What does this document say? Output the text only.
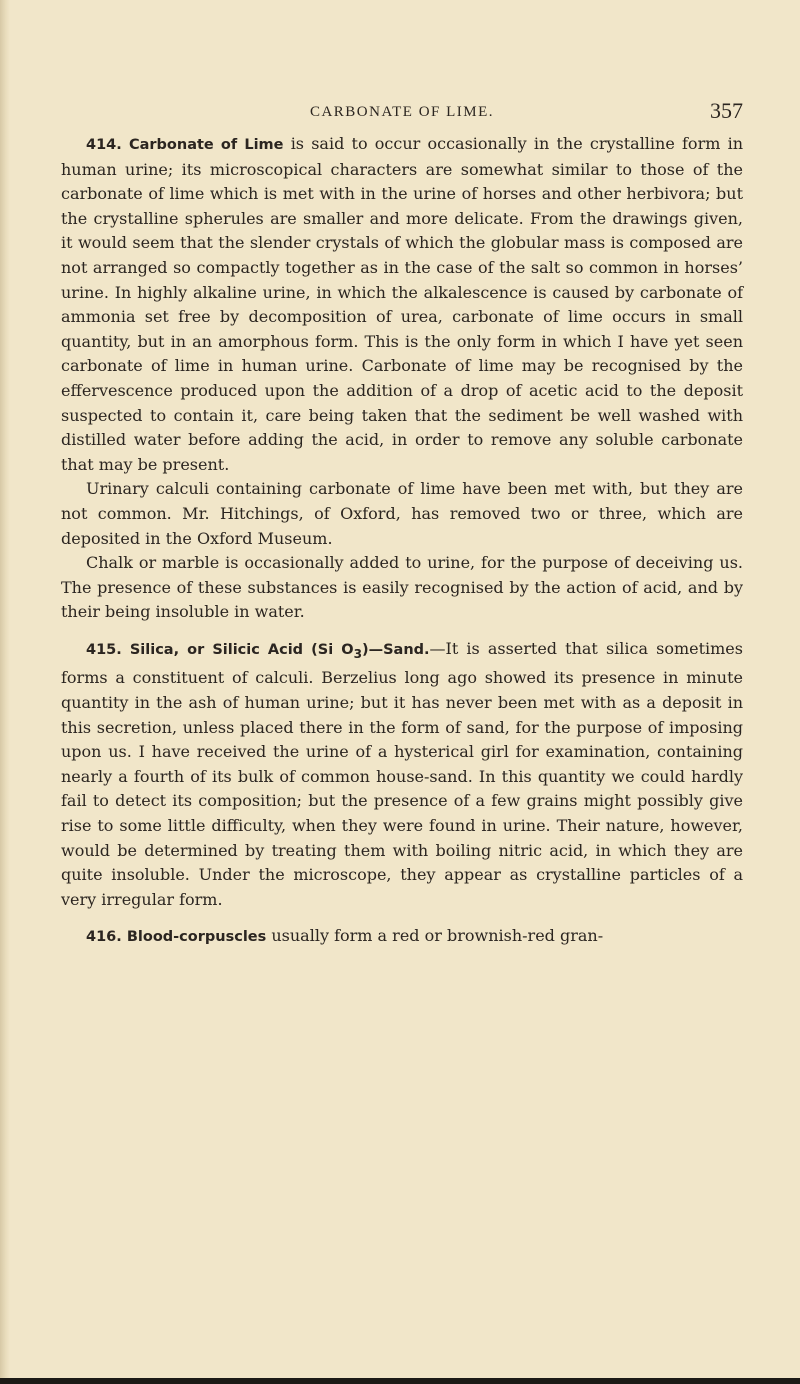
CARBONATE OF LIME.	357

414. Carbonate of Lime is said to occur occasionally in the crystalline form in human urine; its microscopical characters are somewhat similar to those of the carbonate of lime which is met with in the urine of horses and other herbivora; but the crystalline spherules are smaller and more delicate. From the drawings given, it would seem that the slender crystals of which the globular mass is composed are not arranged so compactly together as in the case of the salt so common in horses’ urine. In highly alkaline urine, in which the alkalescence is caused by carbonate of ammonia set free by decomposition of urea, carbonate of lime occurs in small quantity, but in an amorphous form. This is the only form in which I have yet seen carbonate of lime in human urine. Carbonate of lime may be recognised by the effervescence produced upon the addition of a drop of acetic acid to the deposit suspected to contain it, care being taken that the sediment be well washed with distilled water before adding the acid, in order to remove any soluble carbonate that may be present.

Urinary calculi containing carbonate of lime have been met with, but they are not common. Mr. Hitchings, of Oxford, has removed two or three, which are deposited in the Oxford Museum.

Chalk or marble is occasionally added to urine, for the purpose of deceiving us. The presence of these substances is easily recognised by the action of acid, and by their being insoluble in water.

415. Silica, or Silicic Acid (Si $O_3)—Sand.—It$ is asserted that silica sometimes forms a constituent of calculi. Berzelius long ago showed its presence in minute quantity in the ash of human urine; but it has never been met with as a deposit in this secretion, unless placed there in the form of sand, for the purpose of imposing upon us. I have received the urine of a hysterical girl for examination, containing nearly a fourth of its bulk of common house-sand. In this quantity we could hardly fail to detect its composition; but the presence of a few grains might possibly give rise to some little difficulty, when they were found in urine. Their nature, however, would be determined by treating them with boiling nitric acid, in which they are quite insoluble. Under the microscope, they appear as crystalline particles of a very irregular form.

416. Blood-corpuscles usually form a red or brownish-red gran-
